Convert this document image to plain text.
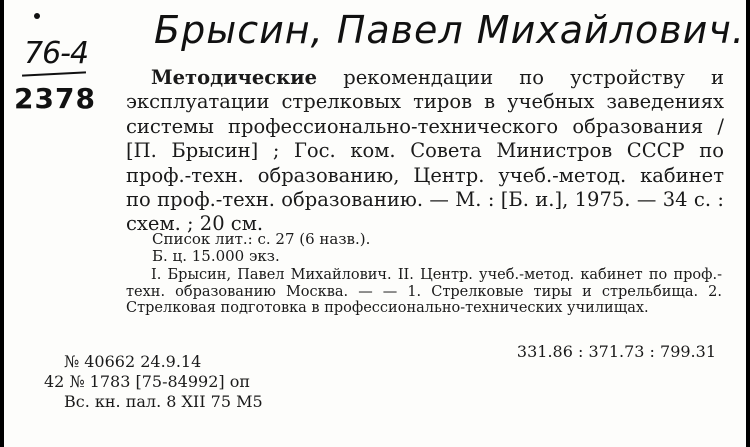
76-4
2378
Брысин, Павел Михайлович.

Методические рекомендации по устройству и эксплуатации стрелковых тиров в учебных заведениях системы профессионально-технического образования / [П. Брысин] ; Гос. ком. Совета Министров СССР по проф.-техн. образованию, Центр. учеб.-метод. кабинет по проф.-техн. образованию. — М. : [Б. и.], 1975. — 34 с. : схем. ; 20 см.

Список лит.: с. 27 (6 назв.).
Б. ц. 15.000 экз.
I. Брысин, Павел Михайлович. II. Центр. учеб.-метод. кабинет по проф.-техн. образованию Москва. — — 1. Стрелковые тиры и стрельбища. 2. Стрелковая подготовка в профессионально-технических училищах.
331.86 : 371.73 : 799.31
№ 40662 24.9.14
42 № 1783 [75-84992] оп
Вс. кн. пал. 8 XII 75 М5
